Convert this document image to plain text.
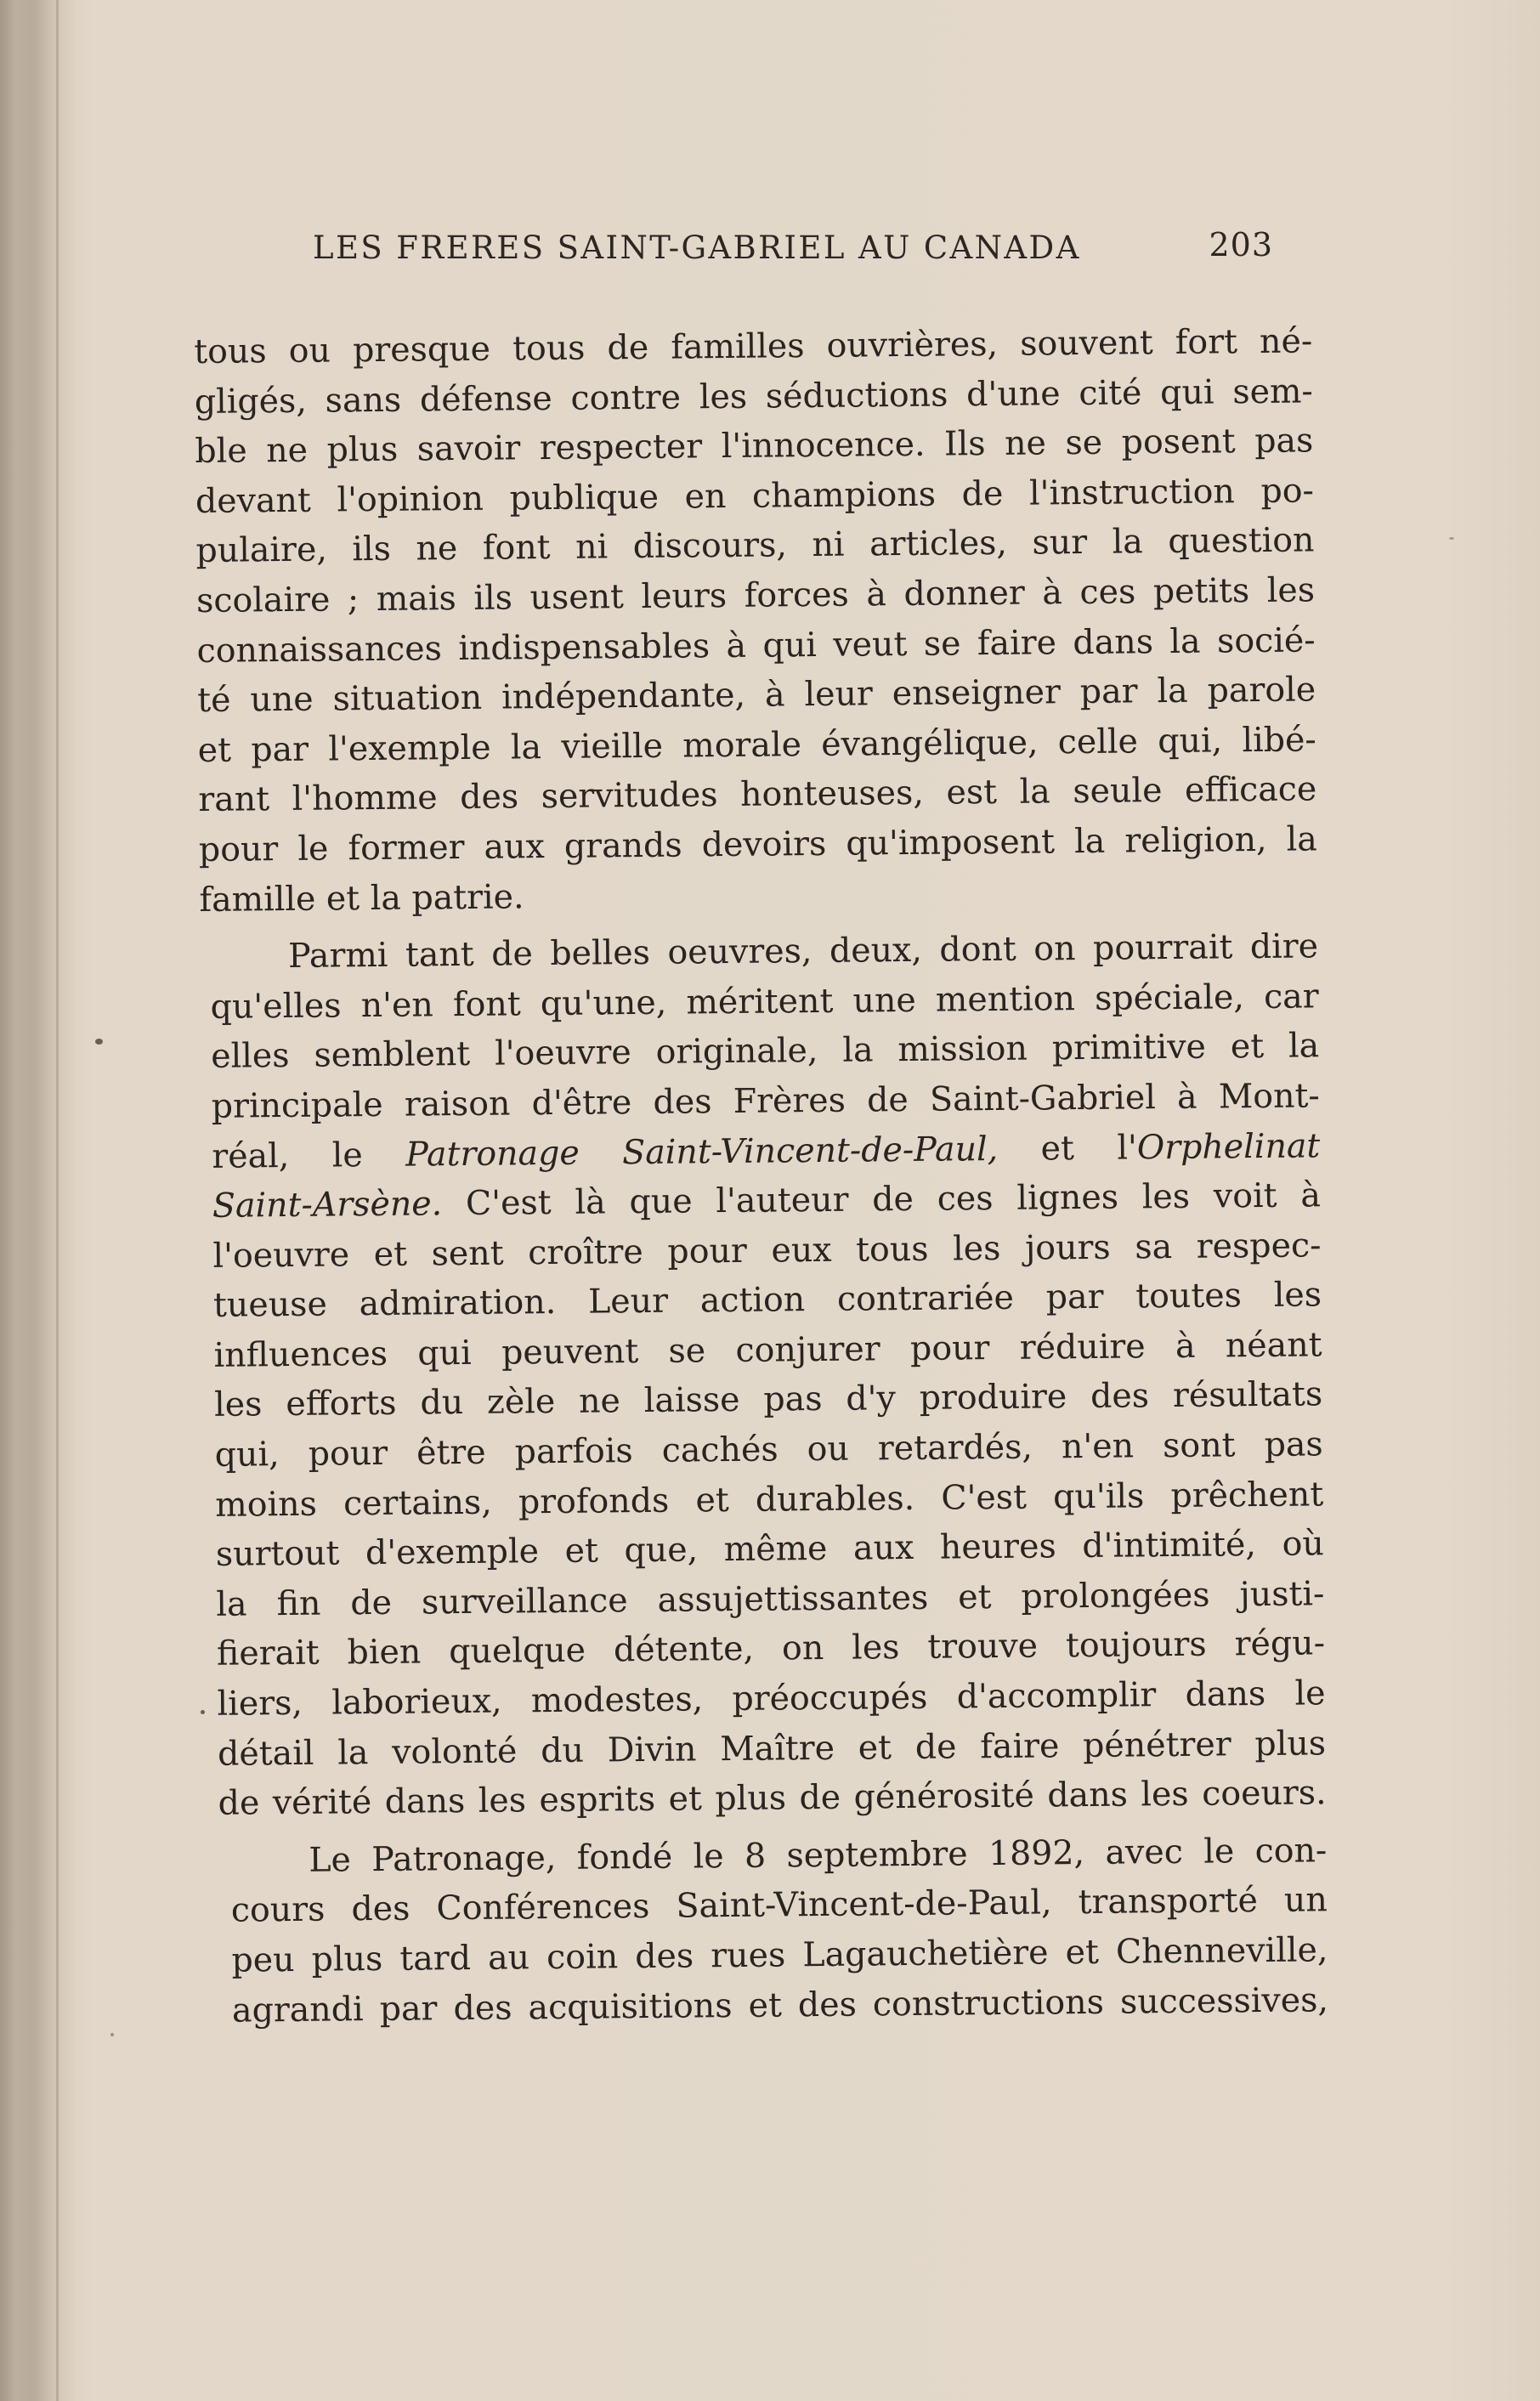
LES FRERES SAINT-GABRIEL AU CANADA	203
tous ou presque tous de familles ouvrières, souvent fort né-
gligés, sans défense contre les séductions d'une cité qui sem-
ble ne plus savoir respecter l'innocence. Ils ne se posent pas
devant l'opinion publique en champions de l'instruction po-
pulaire, ils ne font ni discours, ni articles, sur la question
scolaire ; mais ils usent leurs forces à donner à ces petits les
connaissances indispensables à qui veut se faire dans la socié-
té une situation indépendante, à leur enseigner par la parole
et par l'exemple la vieille morale évangélique, celle qui, libé-
rant l'homme des servitudes honteuses, est la seule efficace
pour le former aux grands devoirs qu'imposent la religion, la
famille et la patrie.
Parmi tant de belles oeuvres, deux, dont on pourrait dire
qu'elles n'en font qu'une, méritent une mention spéciale, car
elles semblent l'oeuvre originale, la mission primitive et la
principale raison d'être des Frères de Saint-Gabriel à Mont-
réal, le Patronage Saint-Vincent-de-Paul, et l'Orphelinat
Saint-Arsène. C'est là que l'auteur de ces lignes les voit à
l'oeuvre et sent croître pour eux tous les jours sa respec-
tueuse admiration. Leur action contrariée par toutes les
influences qui peuvent se conjurer pour réduire à néant
les efforts du zèle ne laisse pas d'y produire des résultats
qui, pour être parfois cachés ou retardés, n'en sont pas
moins certains, profonds et durables. C'est qu'ils prêchent
surtout d'exemple et que, même aux heures d'intimité, où
la fin de surveillance assujettissantes et prolongées justi-
fierait bien quelque détente, on les trouve toujours régu-
liers, laborieux, modestes, préoccupés d'accomplir dans le
détail la volonté du Divin Maître et de faire pénétrer plus
de vérité dans les esprits et plus de générosité dans les coeurs.
Le Patronage, fondé le 8 septembre 1892, avec le con-
cours des Conférences Saint-Vincent-de-Paul, transporté un
peu plus tard au coin des rues Lagauchetière et Chenneville,
agrandi par des acquisitions et des constructions successives,
